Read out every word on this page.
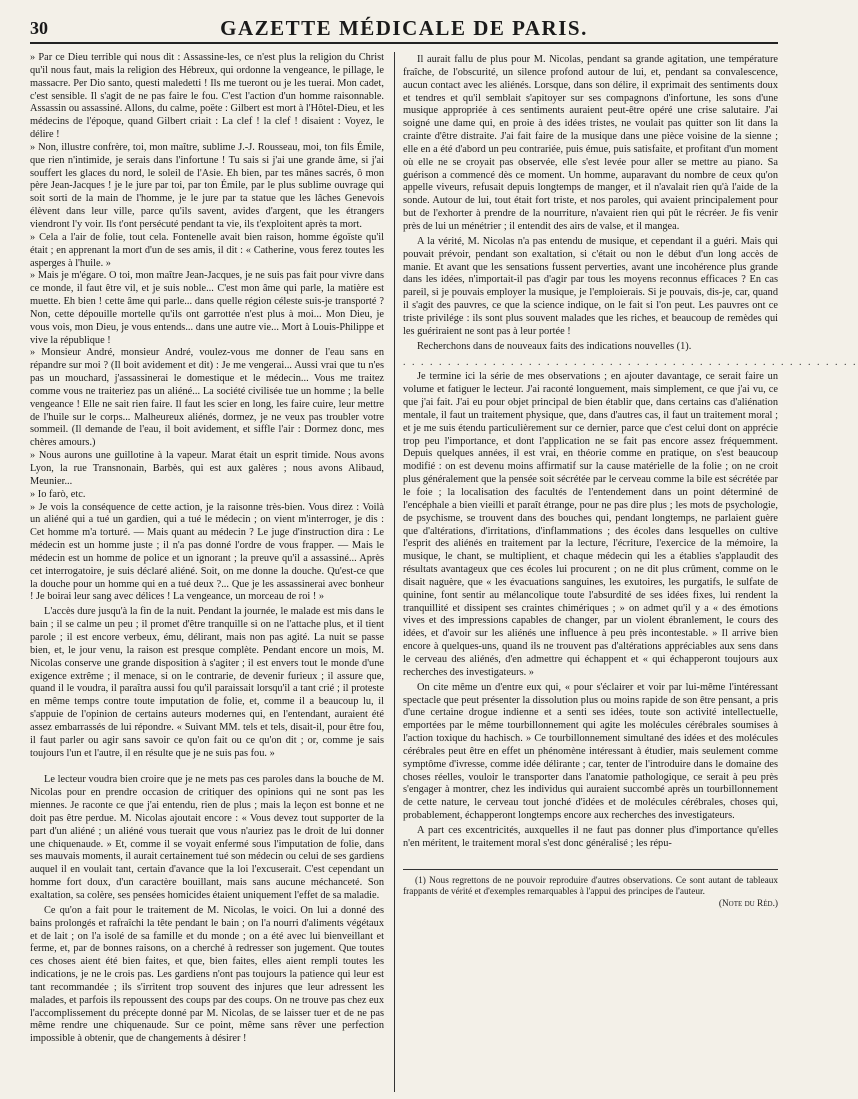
30	GAZETTE MÉDICALE DE PARIS.

» Par ce Dieu terrible qui nous dit : Assassine-les, ce n'est plus la religion du Christ qu'il nous faut, mais la religion des Hébreux, qui ordonne la vengeance, le pillage, le massacre. Per Dio santo, questi maledetti ! Ils me tueront ou je les tuerai. Mon cadet, c'est sensible. Il s'agit de ne pas faire le fou. C'est l'action d'un homme raisonnable. Assassin ou assassiné. Allons, du calme, poëte : Gilbert est mort à l'Hôtel-Dieu, et les médecins de l'époque, quand Gilbert criait : La clef ! la clef ! disaient : Voyez, le délire !

» Non, illustre confrère, toi, mon maître, sublime J.-J. Rousseau, moi, ton fils Émile, que rien n'intimide, je serais dans l'infortune ! Tu sais si j'ai une grande âme, si j'ai souffert les glaces du nord, le soleil de l'Asie. Eh bien, par tes mânes sacrés, ô mon père Jean-Jacques ! je le jure par toi, par ton Émile, par le plus sublime ouvrage qui soit sorti de la main de l'homme, je le jure par ta statue que les lâches Genevois élèvent dans leur ville, parce qu'ils savent, avides d'argent, que les étrangers viendront l'y voir. Ils t'ont persécuté pendant ta vie, ils t'exploitent après ta mort.

» Cela a l'air de folie, tout cela. Fontenelle avait bien raison, homme égoïste qu'il était ; en apprenant la mort d'un de ses amis, il dit : « Catherine, vous ferez toutes les asperges à l'huile. »

» Mais je m'égare. O toi, mon maître Jean-Jacques, je ne suis pas fait pour vivre dans ce monde, il faut être vil, et je suis noble... C'est mon âme qui parle, la matière est muette. Eh bien ! cette âme qui parle... dans quelle région céleste suis-je transporté ? Non, cette dépouille mortelle qu'ils ont garrottée n'est plus à moi... Mon Dieu, je vous vois, mon Dieu, je vous entends... dans une autre vie... Mort à Louis-Philippe et vive la république !

» Monsieur André, monsieur André, voulez-vous me donner de l'eau sans en répandre sur moi ? (Il boit avidement et dit) : Je me vengerai... Aussi vrai que tu n'es pas un mouchard, j'assassinerai le domestique et le médecin... Vous me traitez comme vous ne traiteriez pas un aliéné... La société civilisée tue un homme ; la belle vengeance ! Elle ne sait rien faire. Il faut les scier en long, les faire cuire, leur mettre de l'huile sur le corps... Malheureux aliénés, dormez, je ne veux pas troubler votre sommeil. (Il demande de l'eau, il boit avidement, et siffle l'air : Dormez donc, mes chères amours.)

» Nous aurons une guillotine à la vapeur. Marat était un esprit timide. Nous avons Lyon, la rue Transnonain, Barbès, qui est aux galères ; nous avons Alibaud, Meunier...

» Io farò, etc.

» Je vois la conséquence de cette action, je la raisonne très-bien. Vous direz : Voilà un aliéné qui a tué un gardien, qui a tué le médecin ; on vient m'interroger, je dis : Cet homme m'a torturé. — Mais quant au médecin ? Le juge d'instruction dira : Le médecin est un homme juste ; il n'a pas donné l'ordre de vous frapper. — Mais le médecin est un homme de police et un ignorant ; la preuve qu'il a assassiné... Après cet interrogatoire, je suis déclaré aliéné. Soit, on me donne la douche. Qu'est-ce que la douche pour un homme qui en a tué deux ?... Que je les assassinerai avec bonheur ! Je boirai leur sang avec délices ! La vengeance, un morceau de roi ! »

L'accès dure jusqu'à la fin de la nuit. Pendant la journée, le malade est mis dans le bain ; il se calme un peu ; il promet d'être tranquille si on ne l'attache plus, et il tient parole ; il est encore verbeux, ému, délirant, mais non pas agité. La nuit se passe bien, et, le jour venu, la raison est presque complète. Pendant encore un mois, M. Nicolas conserve une grande disposition à s'agiter ; il est envers tout le monde d'une exigence extrême ; il menace, si on le contrarie, de devenir furieux ; il assure que, quand il le voudra, il paraîtra aussi fou qu'il paraissait lorsqu'il a tant crié ; il proteste en même temps contre toute imputation de folie, et, comme il a beaucoup lu, il s'appuie de l'opinion de certains auteurs modernes qui, en l'entendant, auraient été assez embarrassés de lui répondre. « Suivant MM. tels et tels, disait-il, pour être fou, il faut parler ou agir sans savoir ce qu'on fait ou ce qu'on dit ; or, comme je sais toujours l'un et l'autre, il en résulte que je ne suis pas fou. »

Le lecteur voudra bien croire que je ne mets pas ces paroles dans la bouche de M. Nicolas pour en prendre occasion de critiquer des opinions qui ne sont pas les miennes. Je raconte ce que j'ai entendu, rien de plus ; mais la leçon est bonne et ne doit pas être perdue. M. Nicolas ajoutait encore : « Vous devez tout supporter de la part d'un aliéné ; un aliéné vous tuerait que vous n'auriez pas le droit de lui donner une chiquenaude. » Et, comme il se voyait enfermé sous l'imputation de folie, dans ses mauvais moments, il aurait certainement tué son médecin ou celui de ses gardiens auquel il en voulait tant, certain d'avance que la loi l'excuserait. C'est cependant un homme fort doux, d'un caractère bouillant, mais sans aucune méchanceté. Son exaltation, sa colère, ses pensées homicides étaient uniquement l'effet de sa maladie.

Ce qu'on a fait pour le traitement de M. Nicolas, le voici. On lui a donné des bains prolongés et rafraîchi la tête pendant le bain ; on l'a nourri d'aliments végétaux et de lait ; on l'a isolé de sa famille et du monde ; on a été avec lui bienveillant et ferme, et, par de bonnes raisons, on a cherché à redresser son jugement. Que toutes ces choses aient été bien faites, et que, bien faites, elles aient rempli toutes les indications, je ne le crois pas. Les gardiens n'ont pas toujours la patience qui leur est tant recommandée ; ils s'irritent trop souvent des injures que leur adressent les malades, et parfois ils repoussent des coups par des coups. On ne trouve pas chez eux l'accomplissement du précepte donné par M. Nicolas, de se laisser tuer et de ne pas même rendre une chiquenaude. Sur ce point, même sans rêver une perfection impossible à obtenir, que de changements à désirer !

Il aurait fallu de plus pour M. Nicolas, pendant sa grande agitation, une température fraîche, de l'obscurité, un silence profond autour de lui, et, pendant sa convalescence, aucun contact avec les aliénés. Lorsque, dans son délire, il exprimait des sentiments doux et tendres et qu'il semblait s'apitoyer sur ses compagnons d'infortune, les sons d'une musique appropriée à ces sentiments auraient peut-être opéré une crise salutaire. J'ai soigné une dame qui, en proie à des idées tristes, ne voulait pas quitter son lit dans la crainte d'être distraite. J'ai fait faire de la musique dans une pièce voisine de la sienne ; elle en a été d'abord un peu contrariée, puis émue, puis satisfaite, et profitant d'un moment où elle ne se croyait pas observée, elle s'est levée pour aller se mettre au piano. Sa guérison a commencé dès ce moment. Un homme, auparavant du nombre de ceux qu'on appelle viveurs, refusait depuis longtemps de manger, et il n'avalait rien qu'à l'aide de la sonde. Autour de lui, tout était fort triste, et nos paroles, qui avaient principalement pour but de l'exhorter à prendre de la nourriture, n'avaient rien qui pût le récréer. Je fis venir près de lui un ménétrier ; il entendit des airs de valse, et il mangea.

A la vérité, M. Nicolas n'a pas entendu de musique, et cependant il a guéri. Mais qui pouvait prévoir, pendant son exaltation, si c'était ou non le début d'un long accès de manie. Et avant que les sensations fussent perverties, avant une incohérence plus grande dans les idées, n'importait-il pas d'agir par tous les moyens reconnus efficaces ? En cas pareil, si je pouvais employer la musique, je l'emploierais. Si je pouvais, dis-je, car, quand il s'agit des pauvres, ce que la science indique, on le fait si l'on peut. Les pauvres ont ce triste privilége : ils sont plus souvent malades que les riches, et beaucoup de remèdes qui les guériraient ne sont pas à leur portée !

Recherchons dans de nouveaux faits des indications nouvelles (1).

. . . . . . . . . . . . . . . . . . . . . . . . . . . . . . . . . . . . . . . . . . . . . . . . . . .

Je termine ici la série de mes observations ; en ajouter davantage, ce serait faire un volume et fatiguer le lecteur. J'ai raconté longuement, mais simplement, ce que j'ai vu, ce que j'ai fait. J'ai eu pour objet principal de bien établir que, dans certains cas d'aliénation mentale, il faut un traitement physique, que, dans d'autres cas, il faut un traitement moral ; et je me suis étendu particulièrement sur ce dernier, parce que c'est celui dont on apprécie trop peu l'importance, et dont l'application ne se fait pas encore assez fréquemment. Depuis quelques années, il est vrai, en théorie comme en pratique, on s'est beaucoup modifié : on est devenu moins affirmatif sur la cause matérielle de la folie ; on ne croit plus généralement que la pensée soit sécrétée par le cerveau comme la bile est sécrétée par le foie ; la localisation des facultés de l'entendement dans un point déterminé de l'encéphale a bien vieilli et paraît étrange, pour ne pas dire plus ; les mots de psychologie, de psychisme, se trouvent dans des bouches qui, pendant longtemps, ne parlaient guère que d'altérations, d'irritations, d'inflammations ; des écoles dans lesquelles on cultive l'esprit des aliénés en traitement par la lecture, l'écriture, l'exercice de la mémoire, la musique, le chant, se multiplient, et chaque médecin qui les a établies s'applaudit des résultats avantageux que ces écoles lui procurent ; on ne dit plus crûment, comme on le disait naguère, que « les évacuations sanguines, les exutoires, les purgatifs, le sulfate de quinine, font sentir au mélancolique toute l'absurdité de ses idées fixes, lui rendent la tranquillité et dissipent ses craintes chimériques ; » on admet qu'il y a « des émotions vives et des impressions capables de changer, par un violent ébranlement, le cours des idées, et d'avoir sur les aliénés une influence à peu près incontestable. » Il arrive bien encore à quelques-uns, quand ils ne trouvent pas d'altérations appréciables aux sens dans le cerveau des aliénés, d'en admettre qui échappent et « qui échapperont toujours aux recherches des investigateurs. »

On cite même un d'entre eux qui, « pour s'éclairer et voir par lui-même l'intéressant spectacle que peut présenter la dissolution plus ou moins rapide de son être pensant, a pris d'une certaine drogue indienne et a senti ses idées, toute son activité intellectuelle, emportées par le même tourbillonnement qui agite les molécules cérébrales soumises à l'action toxique du hachisch. » Ce tourbillonnement simultané des idées et des molécules cérébrales peut être en effet un phénomène intéressant à étudier, mais seulement comme symptôme d'ivresse, comme idée délirante ; car, tenter de l'introduire dans le domaine des choses réelles, vouloir le transporter dans l'anatomie pathologique, ce serait à peu près s'engager à montrer, chez les individus qui auraient succombé après un tourbillonnement de cette nature, le cerveau tout jonché d'idées et de molécules cérébrales, choses qui, probablement, échapperont longtemps encore aux recherches des investigateurs.

A part ces excentricités, auxquelles il ne faut pas donner plus d'importance qu'elles n'en méritent, le traitement moral s'est donc généralisé ; les répu-

(1) Nous regrettons de ne pouvoir reproduire d'autres observations. Ce sont autant de tableaux frappants de vérité et d'exemples remarquables à l'appui des principes de l'auteur.

(Note du Réd.)
